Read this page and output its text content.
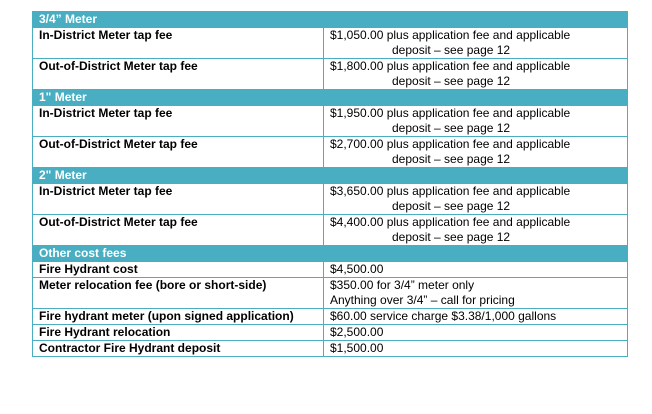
3/4” Meter	
In-District Meter tap fee	$1,050.00 plus application fee and applicable
deposit – see page 12

Out-of-District Meter tap fee	$1,800.00 plus application fee and applicable
deposit – see page 12

1" Meter	
In-District Meter tap fee	$1,950.00 plus application fee and applicable
deposit – see page 12

Out-of-District Meter tap fee	$2,700.00 plus application fee and applicable
deposit – see page 12

2" Meter	
In-District Meter tap fee	$3,650.00 plus application fee and applicable
deposit – see page 12

Out-of-District Meter tap fee	$4,400.00 plus application fee and applicable
deposit – see page 12

Other cost fees	
Fire Hydrant cost	$4,500.00
Meter relocation fee (bore or short-side)	$350.00 for 3/4” meter only
Anything over 3/4” – call for pricing
Fire hydrant meter (upon signed application)	$60.00 service charge $3.38/1,000 gallons
Fire Hydrant relocation	$2,500.00
Contractor Fire Hydrant deposit	$1,500.00
